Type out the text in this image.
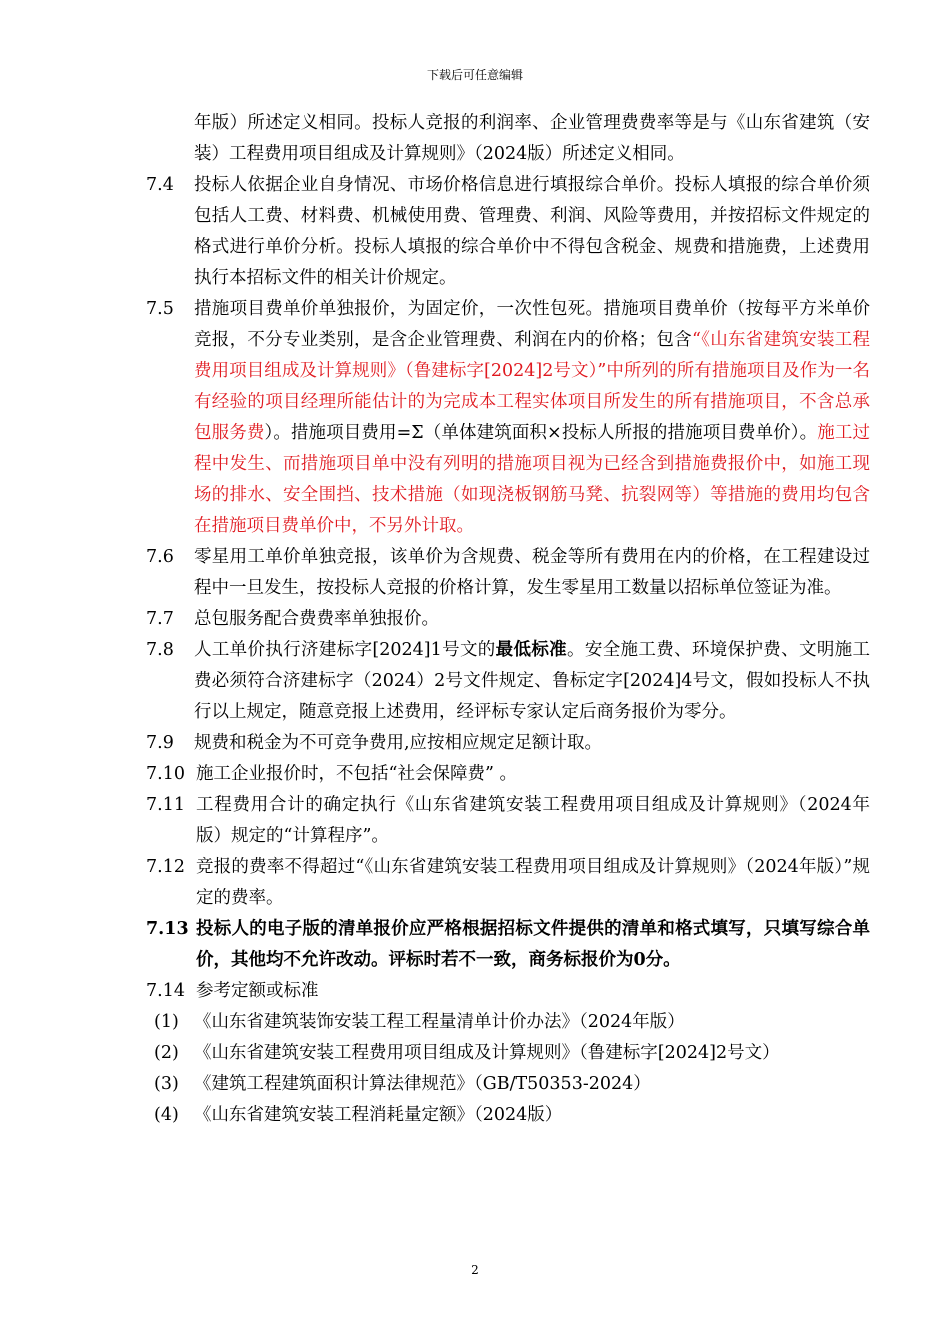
下载后可任意编辑
年版）所述定义相同。投标人竞报的利润率、企业管理费费率等是与《山东省建筑（安装）工程费用项目组成及计算规则》（2024版）所述定义相同。
7.4	投标人依据企业自身情况、市场价格信息进行填报综合单价。投标人填报的综合单价须包括人工费、材料费、机械使用费、管理费、利润、风险等费用，并按招标文件规定的格式进行单价分析。投标人填报的综合单价中不得包含税金、规费和措施费，上述费用执行本招标文件的相关计价规定。
7.5	措施项目费单价单独报价，为固定价，一次性包死。措施项目费单价（按每平方米单价竞报，不分专业类别，是含企业管理费、利润在内的价格；包含“《山东省建筑安装工程费用项目组成及计算规则》（鲁建标字[2024]2号文）”中所列的所有措施项目及作为一名有经验的项目经理所能估计的为完成本工程实体项目所发生的所有措施项目，不含总承包服务费）。措施项目费用=Σ（单体建筑面积×投标人所报的措施项目费单价）。施工过程中发生、而措施项目单中没有列明的措施项目视为已经含到措施费报价中，如施工现场的排水、安全围挡、技术措施（如现浇板钢筋马凳、抗裂网等）等措施的费用均包含在措施项目费单价中，不另外计取。
7.6	零星用工单价单独竞报，该单价为含规费、税金等所有费用在内的价格，在工程建设过程中一旦发生，按投标人竞报的价格计算，发生零星用工数量以招标单位签证为准。
7.7	总包服务配合费费率单独报价。
7.8	人工单价执行济建标字[2024]1号文的最低标准。安全施工费、环境保护费、文明施工费必须符合济建标字（2024）2号文件规定、鲁标定字[2024]4号文，假如投标人不执行以上规定，随意竞报上述费用，经评标专家认定后商务报价为零分。
7.9	规费和税金为不可竞争费用,应按相应规定足额计取。
7.10 施工企业报价时，不包括“社会保障费” 。
7.11 工程费用合计的确定执行《山东省建筑安装工程费用项目组成及计算规则》（2024年版）规定的“计算程序”。
7.12 竞报的费率不得超过“《山东省建筑安装工程费用项目组成及计算规则》（2024年版）”规定的费率。
7.13 投标人的电子版的清单报价应严格根据招标文件提供的清单和格式填写，只填写综合单价，其他均不允许改动。评标时若不一致，商务标报价为0分。
7.14 参考定额或标准
(1) 《山东省建筑装饰安装工程工程量清单计价办法》（2024年版）
(2) 《山东省建筑安装工程费用项目组成及计算规则》（鲁建标字[2024]2号文）
(3) 《建筑工程建筑面积计算法律规范》（GB/T50353-2024）
(4) 《山东省建筑安装工程消耗量定额》（2024版）
2
